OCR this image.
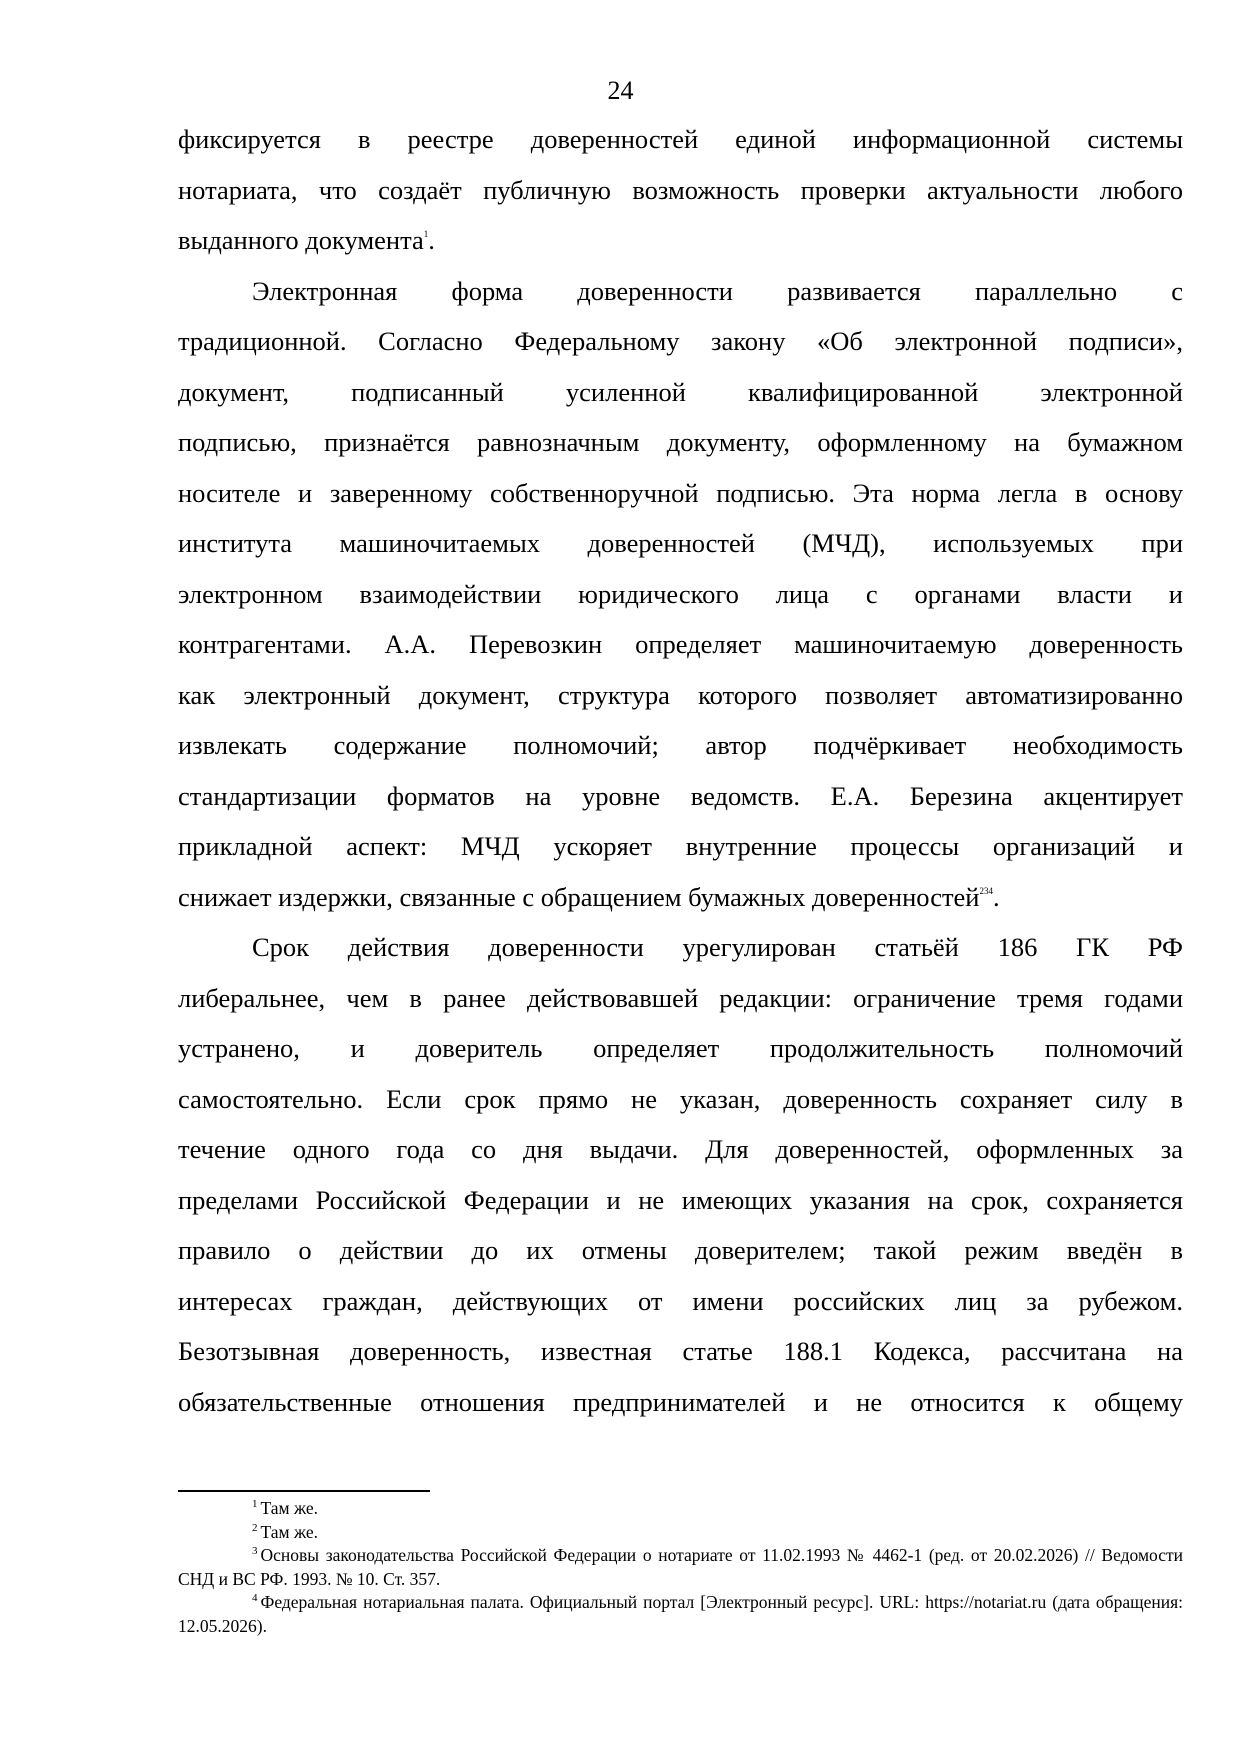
24

фиксируется в реестре доверенностей единой информационной системы
нотариата, что создаёт публичную возможность проверки актуальности любого
выданного документа$^1$.

Электронная форма доверенности развивается параллельно с
традиционной. Согласно Федеральному закону «Об электронной подписи»,
документ, подписанный усиленной квалифицированной электронной
подписью, признаётся равнозначным документу, оформленному на бумажном
носителе и заверенному собственноручной подписью. Эта норма легла в основу
института машиночитаемых доверенностей (МЧД), используемых при
электронном взаимодействии юридического лица с органами власти и
контрагентами. А.А. Перевозкин определяет машиночитаемую доверенность
как электронный документ, структура которого позволяет автоматизированно
извлекать содержание полномочий; автор подчёркивает необходимость
стандартизации форматов на уровне ведомств. Е.А. Березина акцентирует
прикладной аспект: МЧД ускоряет внутренние процессы организаций и
снижает издержки, связанные с обращением бумажных доверенностей$^{234}$.

Срок действия доверенности урегулирован статьёй 186 ГК РФ
либеральнее, чем в ранее действовавшей редакции: ограничение тремя годами
устранено, и доверитель определяет продолжительность полномочий
самостоятельно. Если срок прямо не указан, доверенность сохраняет силу в
течение одного года со дня выдачи. Для доверенностей, оформленных за
пределами Российской Федерации и не имеющих указания на срок, сохраняется
правило о действии до их отмены доверителем; такой режим введён в
интересах граждан, действующих от имени российских лиц за рубежом.
Безотзывная доверенность, известная статье 188.1 Кодекса, рассчитана на
обязательственные отношения предпринимателей и не относится к общему

$^1$ Там же.

$^2$ Там же.

$^3$ Основы законодательства Российской Федерации о нотариате от 11.02.1993 № 4462-1 (ред. от 20.02.2026) // Ведомости СНД и ВС РФ. 1993. № 10. Ст. 357.

$^4$ Федеральная нотариальная палата. Официальный портал [Электронный ресурс]. URL: https://notariat.ru (дата обращения: 12.05.2026).
